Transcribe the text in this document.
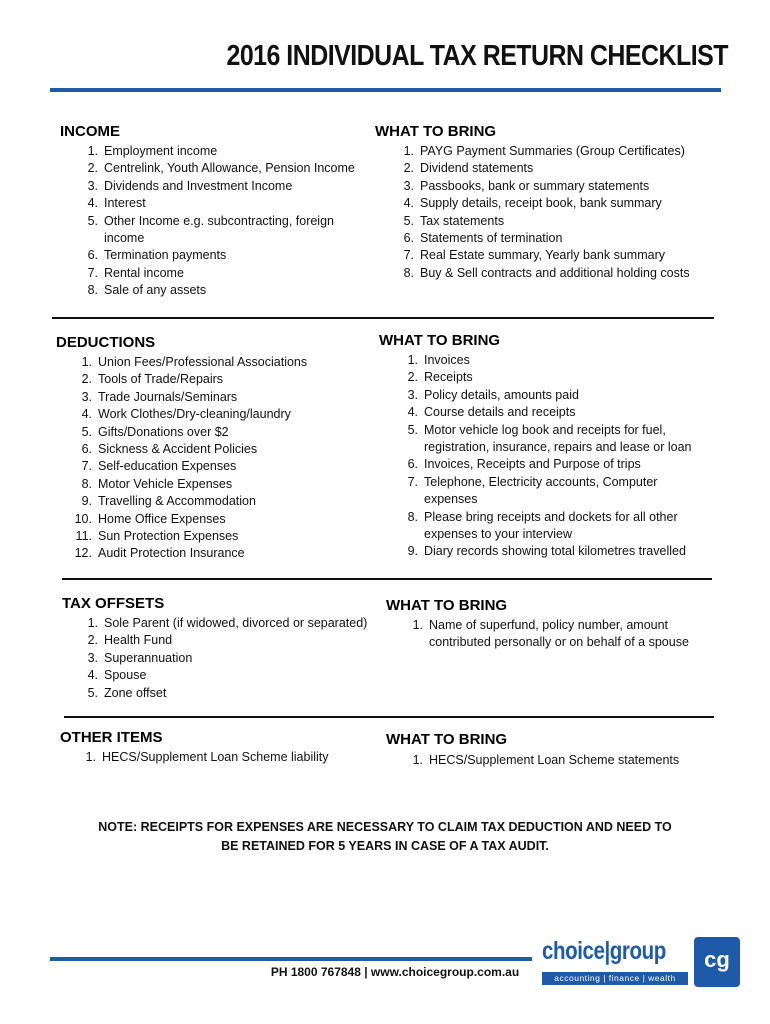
2016 INDIVIDUAL TAX RETURN CHECKLIST
INCOME
1. Employment income
2. Centrelink, Youth Allowance, Pension Income
3. Dividends and Investment Income
4. Interest
5. Other Income e.g. subcontracting, foreign income
6. Termination payments
7. Rental income
8. Sale of any assets
WHAT TO BRING
1. PAYG Payment Summaries (Group Certificates)
2. Dividend statements
3. Passbooks, bank or summary statements
4. Supply details, receipt book, bank summary
5. Tax statements
6. Statements of termination
7. Real Estate summary, Yearly bank summary
8. Buy & Sell contracts and additional holding costs
DEDUCTIONS
1. Union Fees/Professional Associations
2. Tools of Trade/Repairs
3. Trade Journals/Seminars
4. Work Clothes/Dry-cleaning/laundry
5. Gifts/Donations over $2
6. Sickness & Accident Policies
7. Self-education Expenses
8. Motor Vehicle Expenses
9. Travelling & Accommodation
10. Home Office Expenses
11. Sun Protection Expenses
12. Audit Protection Insurance
WHAT TO BRING
1. Invoices
2. Receipts
3. Policy details, amounts paid
4. Course details and receipts
5. Motor vehicle log book and receipts for fuel, registration, insurance, repairs and lease or loan
6. Invoices, Receipts and Purpose of trips
7. Telephone, Electricity accounts, Computer expenses
8. Please bring receipts and dockets for all other expenses to your interview
9. Diary records showing total kilometres travelled
TAX OFFSETS
1. Sole Parent (if widowed, divorced or separated)
2. Health Fund
3. Superannuation
4. Spouse
5. Zone offset
WHAT TO BRING
1. Name of superfund, policy number, amount contributed personally or on behalf of a spouse
OTHER ITEMS
1. HECS/Supplement Loan Scheme liability
WHAT TO BRING
1. HECS/Supplement Loan Scheme statements
NOTE: RECEIPTS FOR EXPENSES ARE NECESSARY TO CLAIM TAX DEDUCTION AND NEED TO
BE RETAINED FOR 5 YEARS IN CASE OF A TAX AUDIT.
PH 1800 767848 | www.choicegroup.com.au
choice|group
accounting | finance | wealth
cg
